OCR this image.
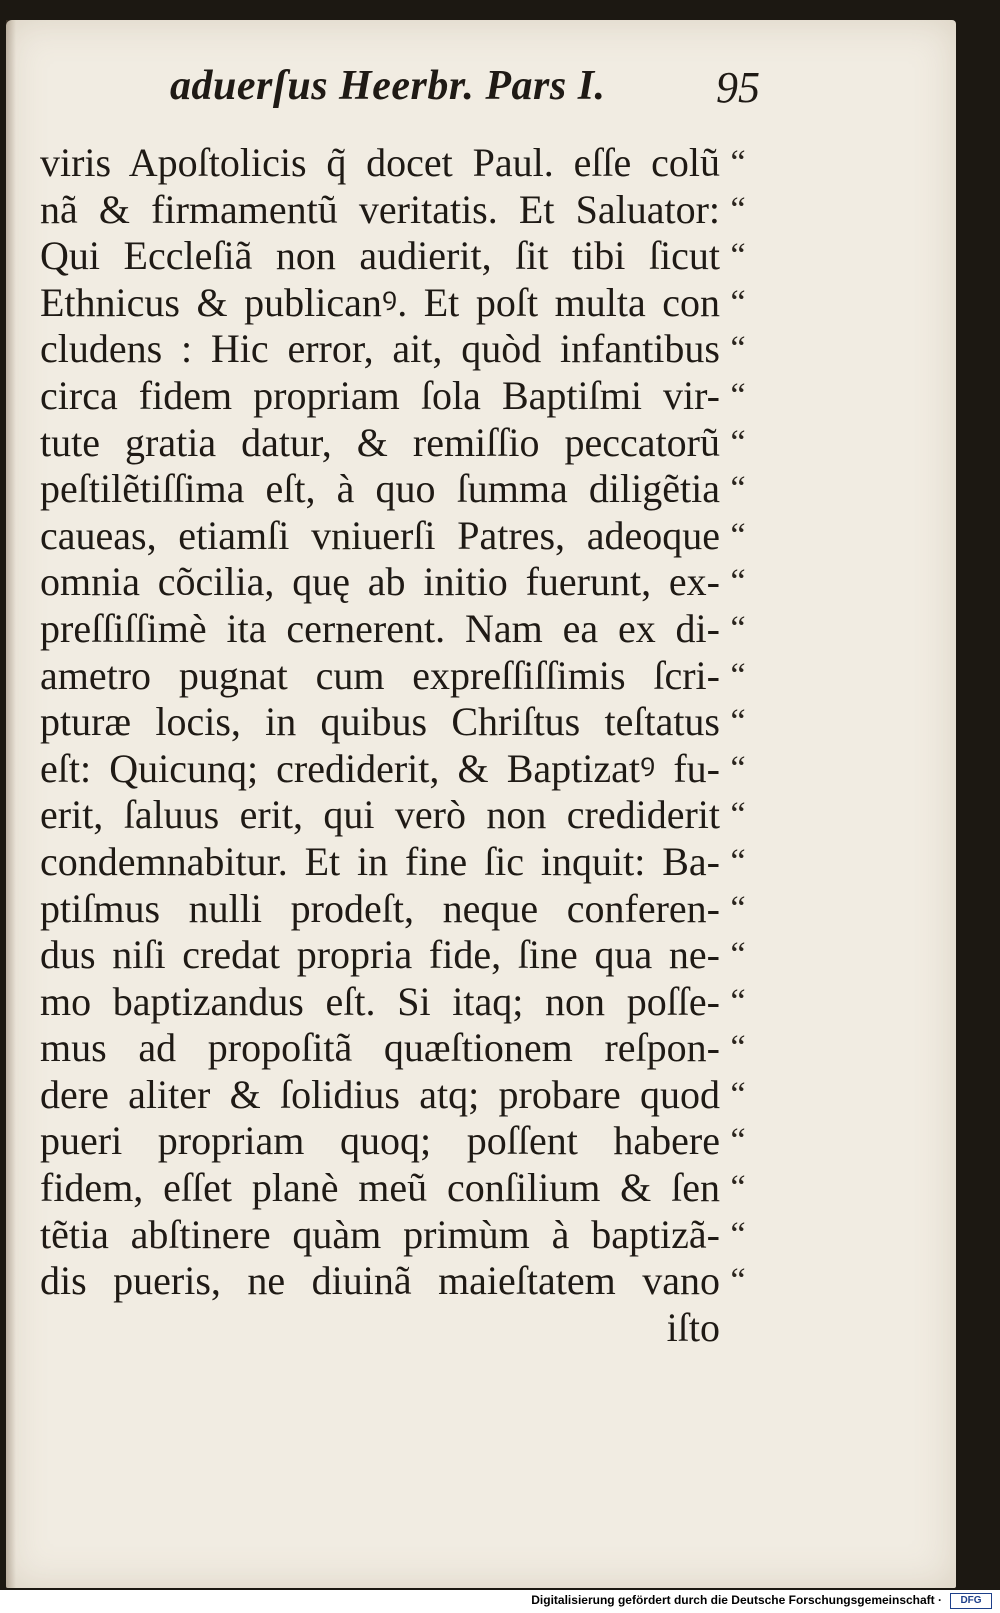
aduerſus Heerbr. Pars I.	95
viris Apoſtolicis q̃ docet Paul. eſſe colũ
nã & firmamentũ veritatis. Et Saluator:
Qui Eccleſiã non audierit, ſit tibi ſicut
Ethnicus & publicanꝰ. Et poſt multa con
cludens : Hic error, ait, quòd infantibus
circa fidem propriam ſola Baptiſmi vir-
tute gratia datur, & remiſſio peccatorũ
peſtilẽtiſſima eſt, à quo ſumma diligẽtia
caueas, etiamſi vniuerſi Patres, adeoque
omnia cõcilia, quę ab initio fuerunt, ex-
preſſiſſimè ita cernerent. Nam ea ex di-
ametro pugnat cum expreſſiſſimis ſcri-
pturæ locis, in quibus Chriſtus teſtatus
eſt: Quicunq; crediderit, & Baptizatꝰ fu-
erit, ſaluus erit, qui verò non crediderit
condemnabitur. Et in fine ſic inquit: Ba-
ptiſmus nulli prodeſt, neque conferen-
dus niſi credat propria fide, ſine qua ne-
mo baptizandus eſt. Si itaq; non poſſe-
mus ad propoſitã quæſtionem reſpon-
dere aliter & ſolidius atq; probare quod
pueri propriam quoq; poſſent habere
fidem, eſſet planè meũ conſilium & ſen
tẽtia abſtinere quàm primùm à baptizã-
dis pueris, ne diuinã maieſtatem vano
iſto
“
“
“
“
“
“
“
“
“
“
“
“
“
“
“
“
“
“
“
“
“
“
“
“
“
Digitalisierung gefördert durch die Deutsche Forschungsgemeinschaft ·	DFG
